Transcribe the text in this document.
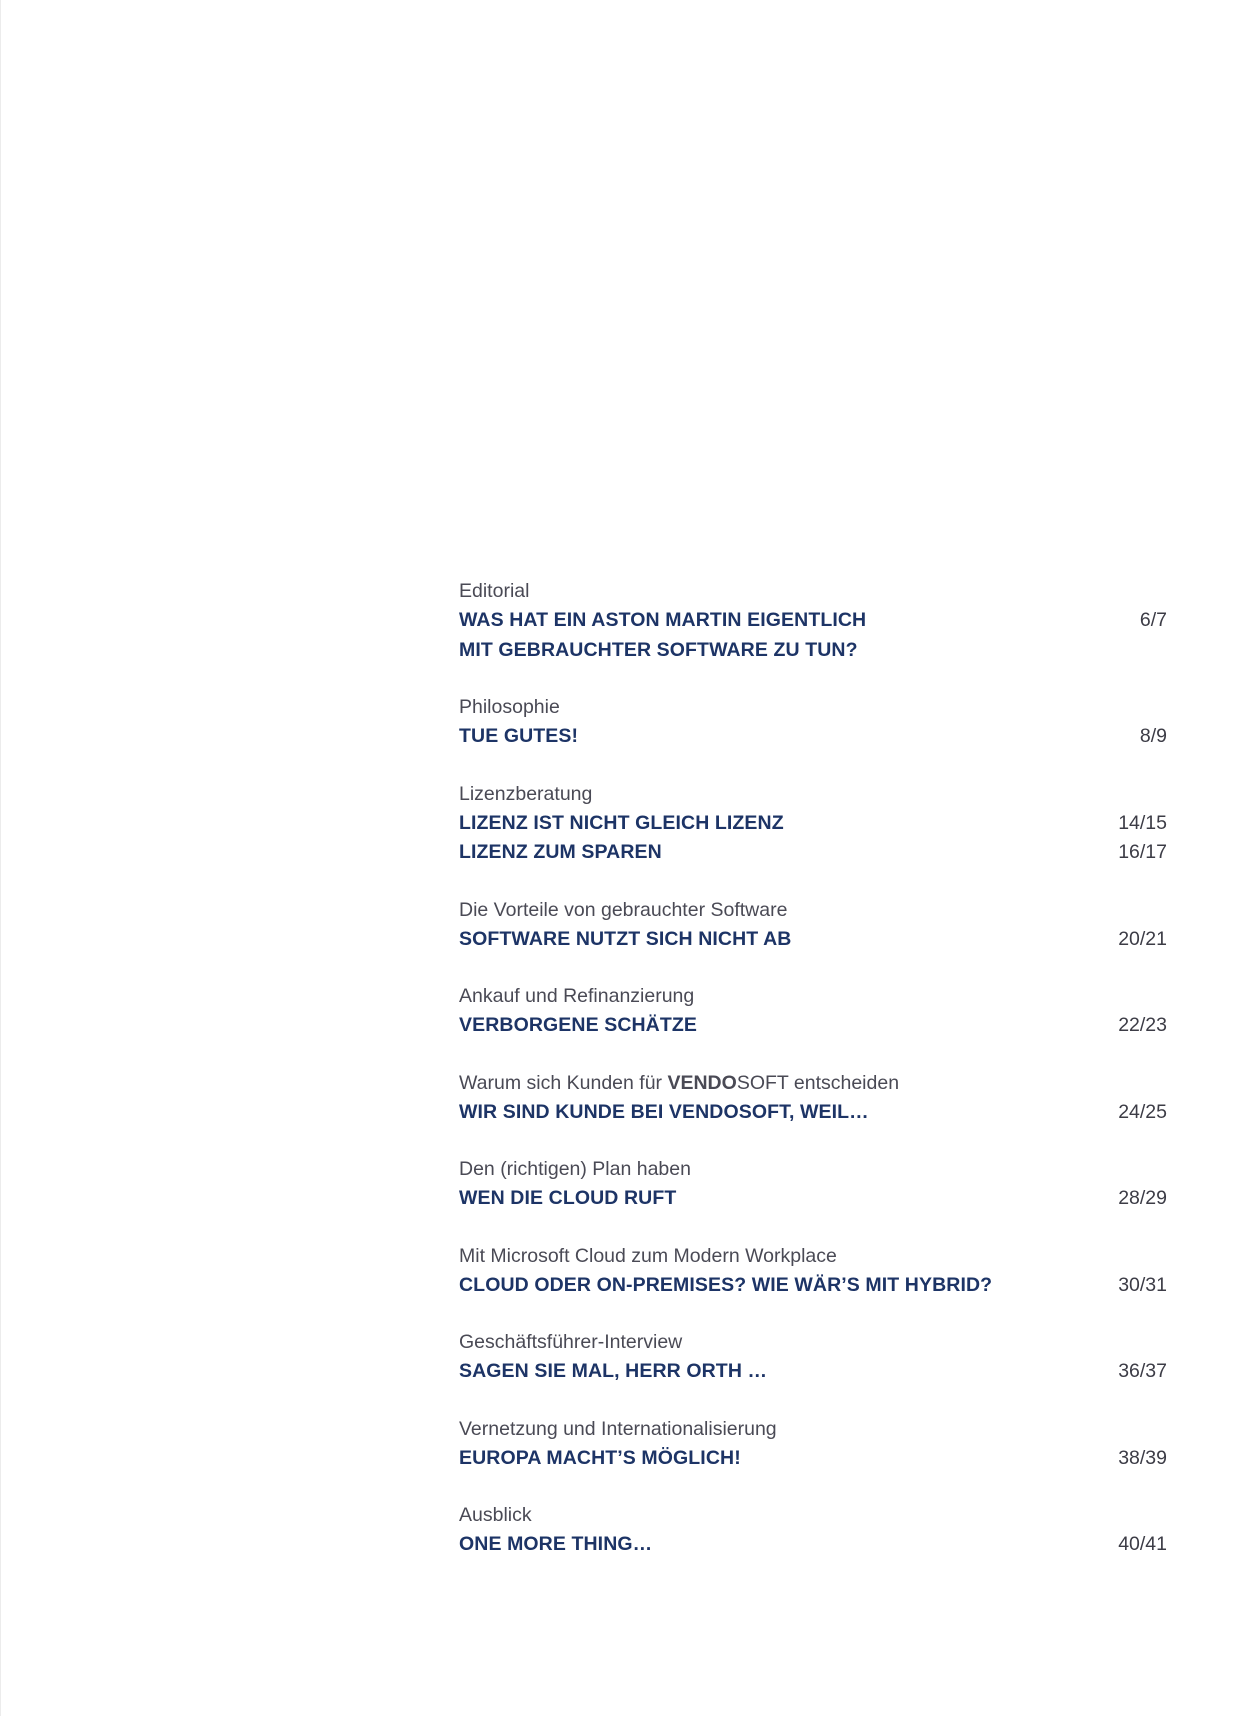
Editorial

WAS HAT EIN ASTON MARTIN EIGENTLICH	6/7
MIT GEBRAUCHTER SOFTWARE ZU TUN?

Philosophie

TUE GUTES!	8/9

Lizenzberatung

LIZENZ IST NICHT GLEICH LIZENZ	14/15
LIZENZ ZUM SPAREN	16/17

Die Vorteile von gebrauchter Software

SOFTWARE NUTZT SICH NICHT AB	20/21

Ankauf und Refinanzierung

VERBORGENE SCHÄTZE	22/23

Warum sich Kunden für VENDOSOFT entscheiden

WIR SIND KUNDE BEI VENDOSOFT, WEIL…	24/25

Den (richtigen) Plan haben

WEN DIE CLOUD RUFT	28/29

Mit Microsoft Cloud zum Modern Workplace

CLOUD ODER ON-PREMISES? WIE WÄR’S MIT HYBRID?	30/31

Geschäftsführer-Interview

SAGEN SIE MAL, HERR ORTH …	36/37

Vernetzung und Internationalisierung

EUROPA MACHT’S MÖGLICH!	38/39

Ausblick

ONE MORE THING…	40/41
